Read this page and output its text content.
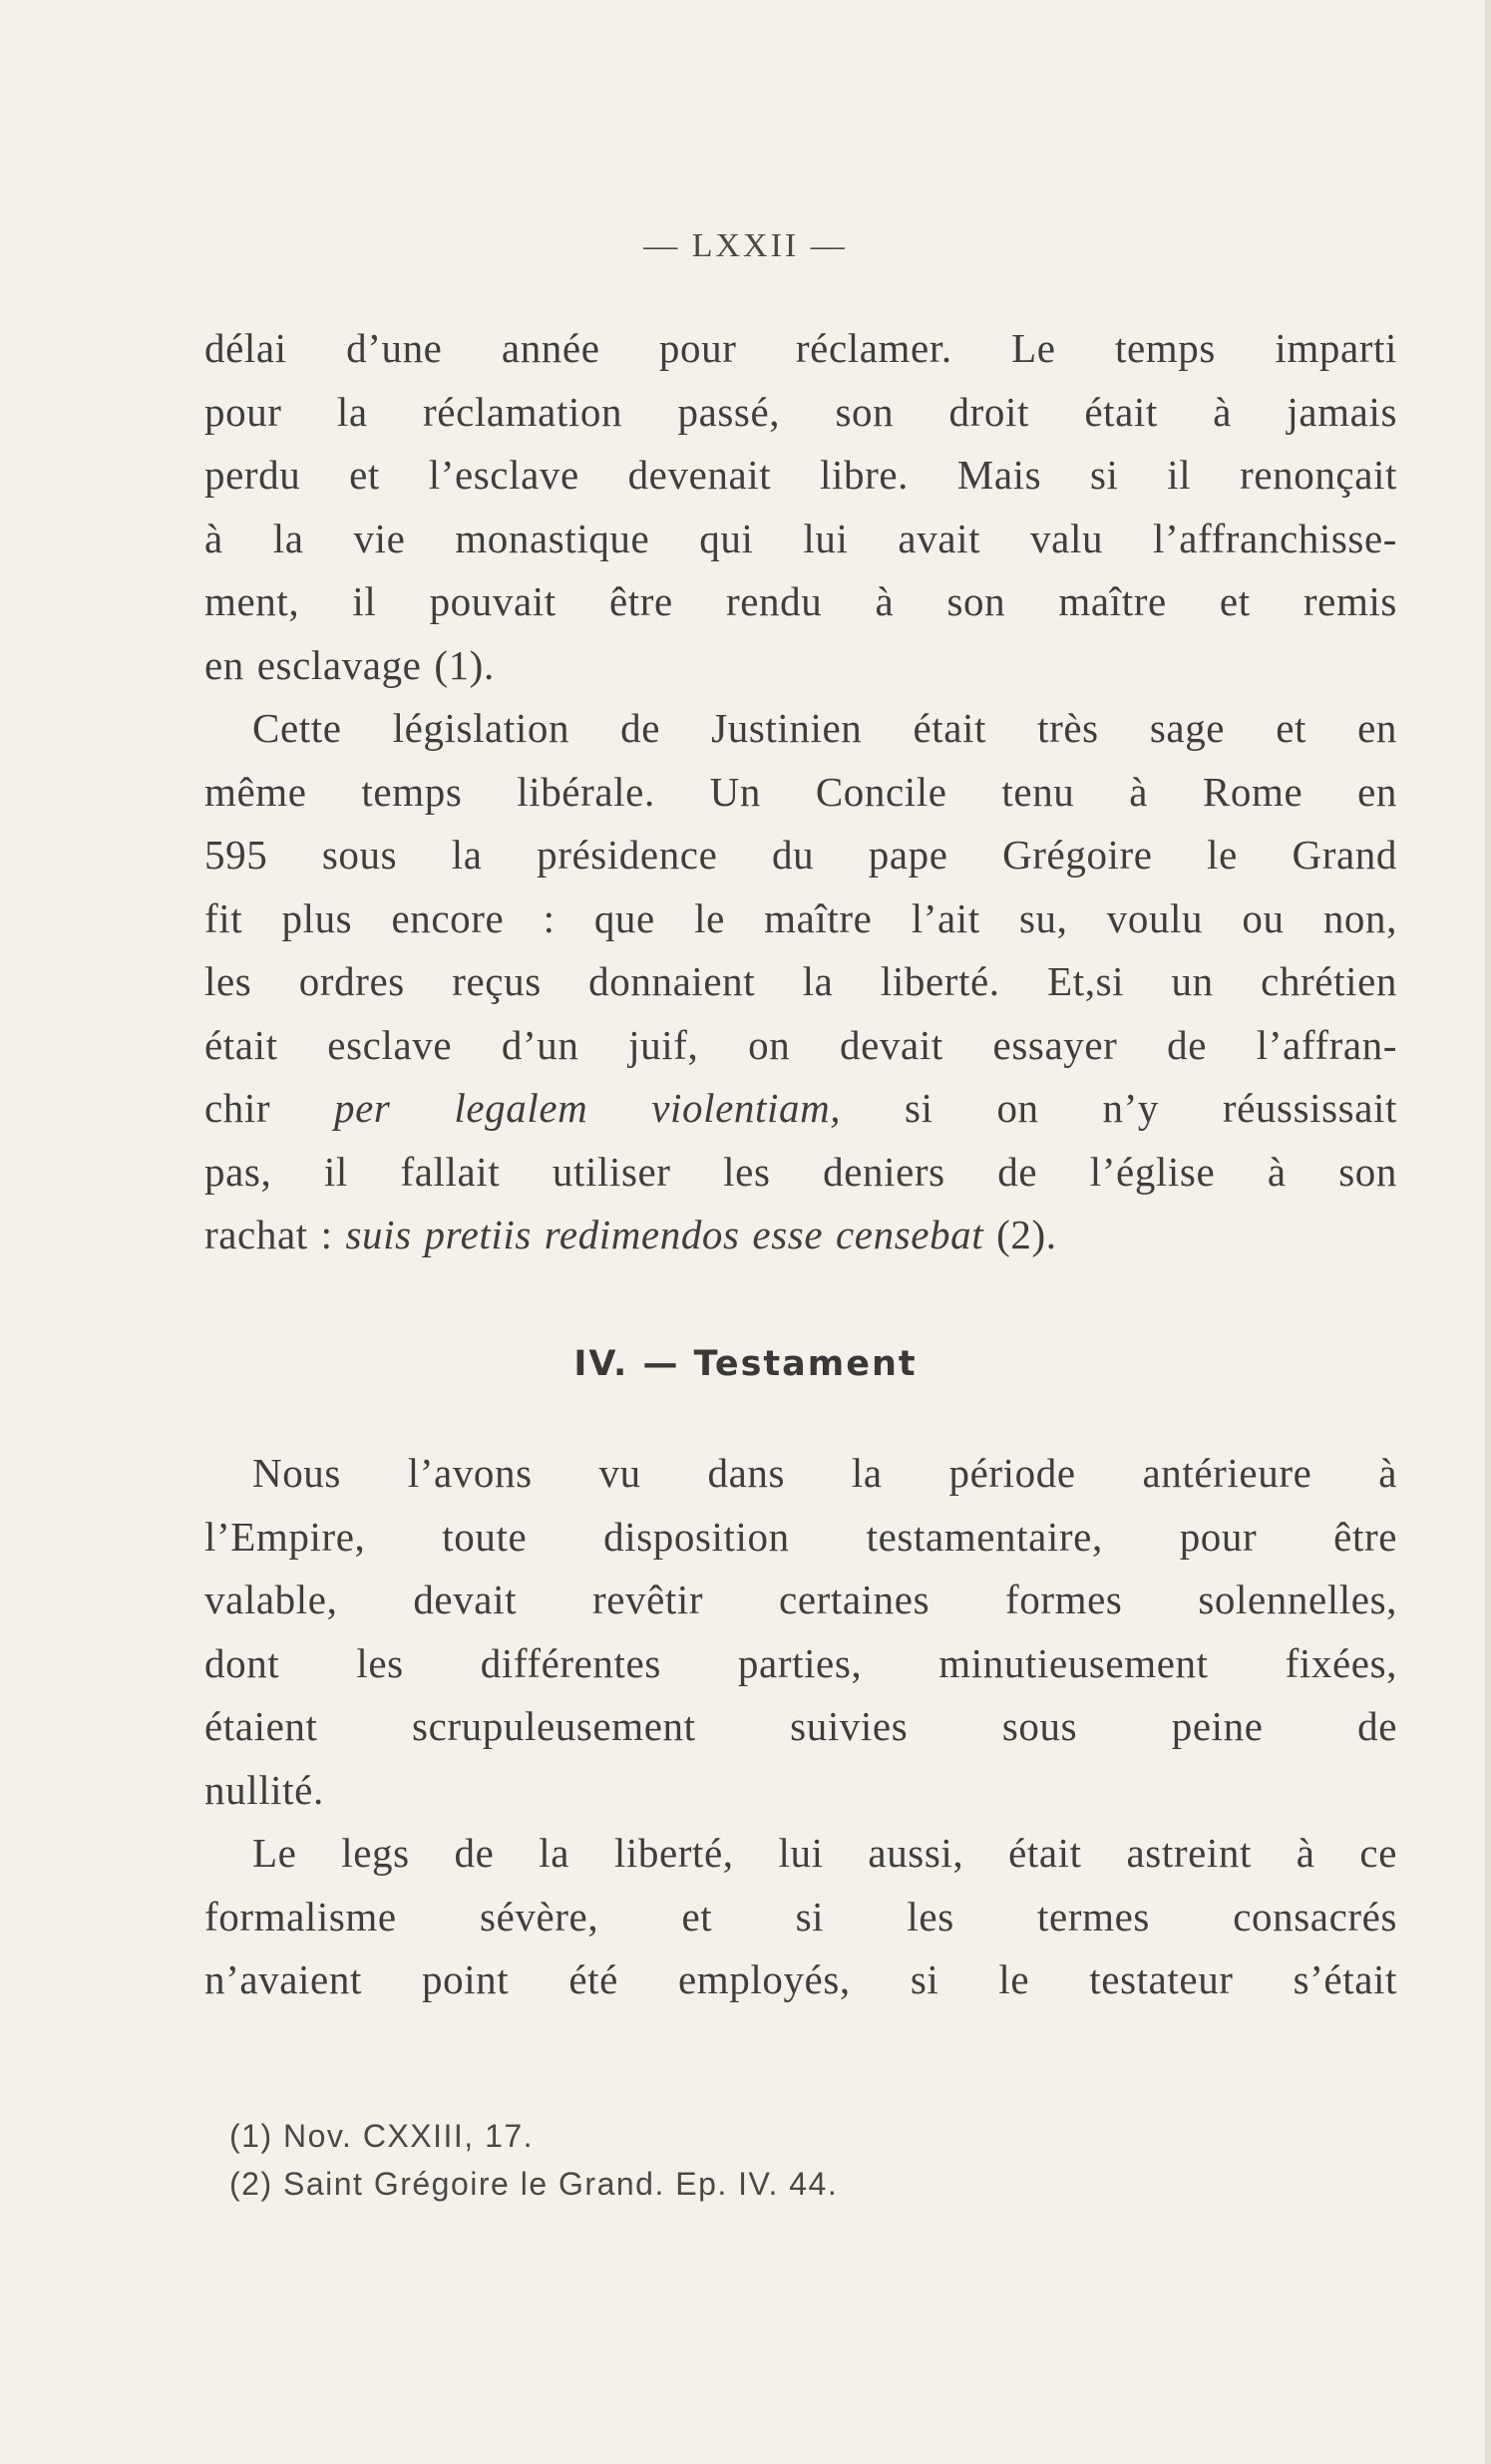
— LXXII —
délai d’une année pour réclamer. Le temps imparti
pour la réclamation passé, son droit était à jamais
perdu et l’esclave devenait libre. Mais si il renonçait
à la vie monastique qui lui avait valu l’affranchisse-
ment, il pouvait être rendu à son maître et remis
en esclavage (1).
Cette législation de Justinien était très sage et en
même temps libérale. Un Concile tenu à Rome en
595 sous la présidence du pape Grégoire le Grand
fit plus encore : que le maître l’ait su, voulu ou non,
les ordres reçus donnaient la liberté. Et,si un chrétien
était esclave d’un juif, on devait essayer de l’affran-
chir per legalem violentiam, si on n’y réussissait
pas, il fallait utiliser les deniers de l’église à son
rachat : suis pretiis redimendos esse censebat (2).
IV. — Testament
Nous l’avons vu dans la période antérieure à
l’Empire, toute disposition testamentaire, pour être
valable, devait revêtir certaines formes solennelles,
dont les différentes parties, minutieusement fixées,
étaient scrupuleusement suivies sous peine de
nullité.
Le legs de la liberté, lui aussi, était astreint à ce
formalisme sévère, et si les termes consacrés
n’avaient point été employés, si le testateur s’était
(1) Nov. CXXIII, 17.
(2) Saint Grégoire le Grand. Ep. IV. 44.
